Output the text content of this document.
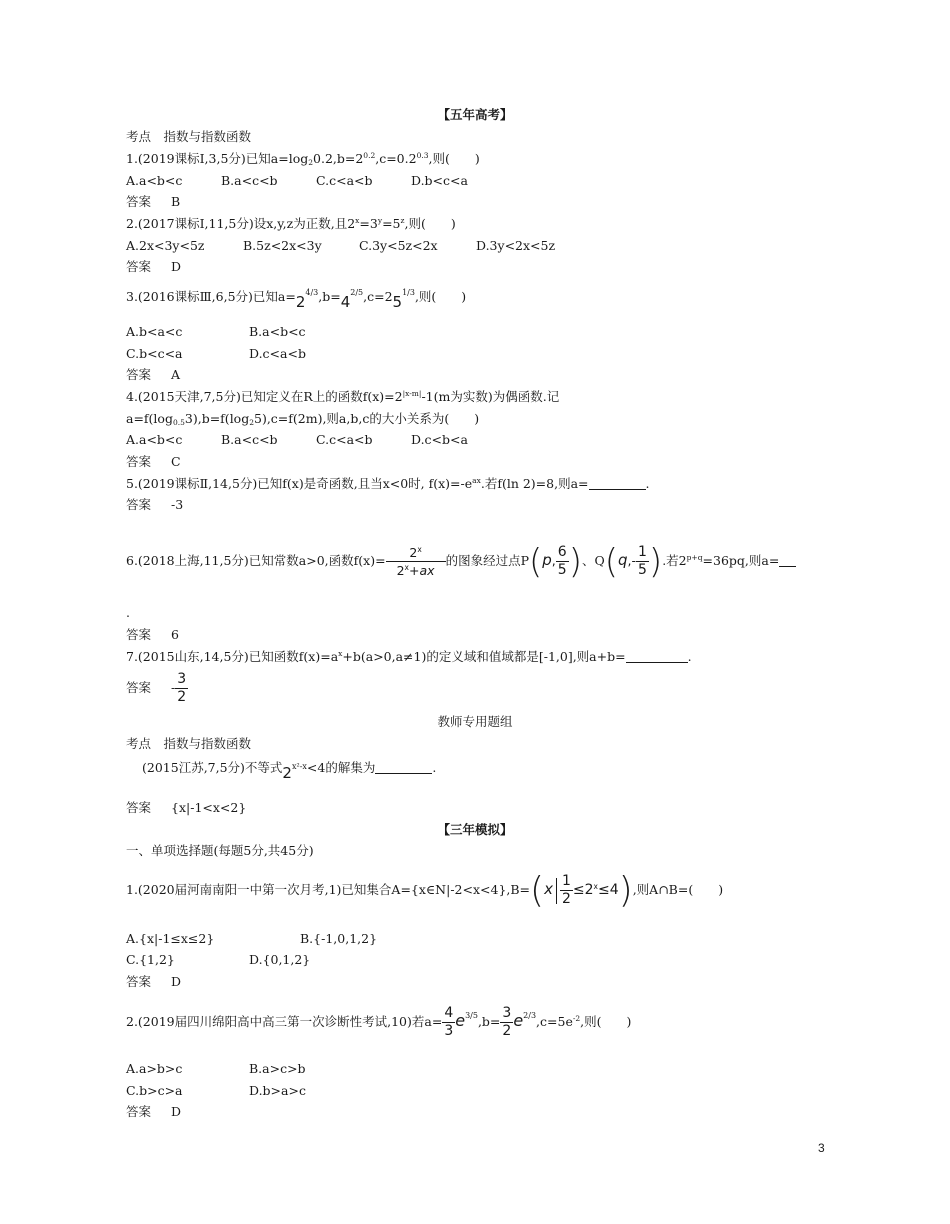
【五年高考】
考点　指数与指数函数
1.(2019课标Ⅰ,3,5分)已知$a=\log_20.2,b=2^{0.2},c=0.2^{0.3}$,则(　　)
A.a<b<c	B.a<c<b	C.c<a<b	D.b<c<a
答案 B
2.(2017课标Ⅰ,11,5分)设x,y,z为正数,且$2^x=3^y=5^z$,则(　　)
A.2x<3y<5z	B.5z<2x<3y	C.3y<5z<2x	D.3y<2x<5z
答案 D
3.(2016课标Ⅲ,6,5分)已知$a=2^{4/3},b=4^{2/5},c=25^{1/3}$,则(　　)
A.b<a<c	B.a<b<c
C.b<c<a	D.c<a<b
答案 A
4.(2015天津,7,5分)已知定义在R上的函数$f(x)=2^{|x-m|}-1(m$为实数)为偶函数.记
$a=f(\log_{0.5}3),b=f(\log_25),c=f(2m)$,则a,b,c的大小关系为(　　)
A.a<b<c	B.a<c<b	C.c<a<b	D.c<b<a
答案 C
5.(2019课标Ⅱ,14,5分)已知f(x)是奇函数,且当x<0时, $f(x)=-e^{ax}$.若f(ln 2)=8,则a=	.
答案 -3
6.(2018上海,11,5分)已知常数a>0,函数$f(x)= \frac{2^x}{2^x+ax}$ 的图象经过点P(p, $\frac{6}{5}$ )、$Q(q,- \frac{1}{5}$ ).若$2^{p+q}=36pq$,则a=
.
答案 6
7.(2015山东,14,5分)已知函数$f(x)=a^x+b(a>0,a\ne 1)$的定义域和值域都是[-1,0],则a+b=	.
答案 - $\frac{3}{2}$
教师专用题组
考点　指数与指数函数
(2015江苏,7,5分)不等式$2^{x^2-x}<4$的解集为	.
答案 {x|-1<x<2}
【三年模拟】
一、单项选择题(每题5分,共45分)
1.(2020届河南南阳一中第一次月考,1)已知集合A={x∈N|-2<x<4},B=(x $\frac{1}{2} \le 2^x\le 4$),则A∩B=(　　)
A.{x|-1≤x≤2}	B.{-1,0,1,2}
C.{1,2}	D.{0,1,2}
答案 D
2.(2019届四川绵阳高中高三第一次诊断性考试,10)若$a= \frac{4}{3} e^{3/5},b= \frac{3}{2} e^{2/3},c=5e^{-2}$,则(　　)
A.a>b>c	B.a>c>b
C.b>c>a	D.b>a>c
答案 D
3
